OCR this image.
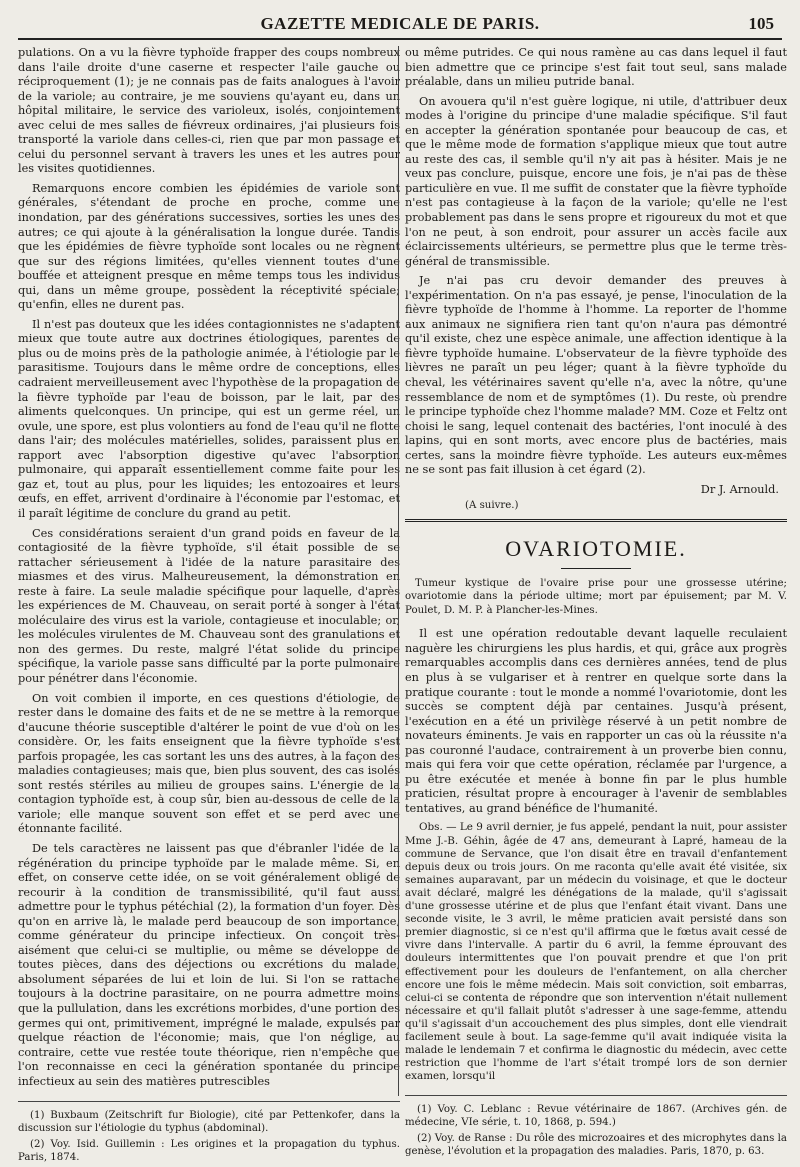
GAZETTE MEDICALE DE PARIS.	105

pulations. On a vu la fièvre typhoïde frapper des coups nombreux dans l'aile droite d'une caserne et respecter l'aile gauche ou réciproquement (1); je ne connais pas de faits analogues à l'avoir de la variole; au contraire, je me souviens qu'ayant eu, dans un hôpital militaire, le service des varioleux, isolés, conjointement avec celui de mes salles de fiévreux ordinaires, j'ai plusieurs fois transporté la variole dans celles-ci, rien que par mon passage et celui du personnel servant à travers les unes et les autres pour les visites quotidiennes.

Remarquons encore combien les épidémies de variole sont générales, s'étendant de proche en proche, comme une inondation, par des générations successives, sorties les unes des autres; ce qui ajoute à la généralisation la longue durée. Tandis que les épidémies de fièvre typhoïde sont locales ou ne règnent que sur des régions limitées, qu'elles viennent toutes d'une bouffée et atteignent presque en même temps tous les individus qui, dans un même groupe, possèdent la réceptivité spéciale; qu'enfin, elles ne durent pas.

Il n'est pas douteux que les idées contagionnistes ne s'adaptent mieux que toute autre aux doctrines étiologiques, parentes de plus ou de moins près de la pathologie animée, à l'étiologie par le parasitisme. Toujours dans le même ordre de conceptions, elles cadraient merveilleusement avec l'hypothèse de la propagation de la fièvre typhoïde par l'eau de boisson, par le lait, par des aliments quelconques. Un principe, qui est un germe réel, un ovule, une spore, est plus volontiers au fond de l'eau qu'il ne flotte dans l'air; des molécules matérielles, solides, paraissent plus en rapport avec l'absorption digestive qu'avec l'absorption pulmonaire, qui apparaît essentiellement comme faite pour les gaz et, tout au plus, pour les liquides; les entozoaires et leurs œufs, en effet, arrivent d'ordinaire à l'économie par l'estomac, et il paraît légitime de conclure du grand au petit.

Ces considérations seraient d'un grand poids en faveur de la contagiosité de la fièvre typhoïde, s'il était possible de se rattacher sérieusement à l'idée de la nature parasitaire des miasmes et des virus. Malheureusement, la démonstration en reste à faire. La seule maladie spécifique pour laquelle, d'après les expériences de M. Chauveau, on serait porté à songer à l'état moléculaire des virus est la variole, contagieuse et inoculable; or, les molécules virulentes de M. Chauveau sont des granulations et non des germes. Du reste, malgré l'état solide du principe spécifique, la variole passe sans difficulté par la porte pulmonaire pour pénétrer dans l'économie.

On voit combien il importe, en ces questions d'étiologie, de rester dans le domaine des faits et de ne se mettre à la remorque d'aucune théorie susceptible d'altérer le point de vue d'où on les considère. Or, les faits enseignent que la fièvre typhoïde s'est parfois propagée, les cas sortant les uns des autres, à la façon des maladies contagieuses; mais que, bien plus souvent, des cas isolés sont restés stériles au milieu de groupes sains. L'énergie de la contagion typhoïde est, à coup sûr, bien au-dessous de celle de la variole; elle manque souvent son effet et se perd avec une étonnante facilité.

De tels caractères ne laissent pas que d'ébranler l'idée de la régénération du principe typhoïde par le malade même. Si, en effet, on conserve cette idée, on se voit généralement obligé de recourir à la condition de transmissibilité, qu'il faut aussi admettre pour le typhus pétéchial (2), la formation d'un foyer. Dès qu'on en arrive là, le malade perd beaucoup de son importance, comme générateur du principe infectieux. On conçoit très-aisément que celui-ci se multiplie, ou même se développe de toutes pièces, dans des déjections ou excrétions du malade, absolument séparées de lui et loin de lui. Si l'on se rattache toujours à la doctrine parasitaire, on ne pourra admettre moins que la pullulation, dans les excrétions morbides, d'une portion des germes qui ont, primitivement, imprégné le malade, expulsés par quelque réaction de l'économie; mais, que l'on néglige, au contraire, cette vue restée toute théorique, rien n'empêche que l'on reconnaisse en ceci la génération spontanée du principe infectieux au sein des matières putrescibles

(1) Buxbaum (Zeitschrift fur Biologie), cité par Pettenkofer, dans la discussion sur l'étiologie du typhus (abdominal).

(2) Voy. Isid. Guillemin : Les origines et la propagation du typhus. Paris, 1874.

ou même putrides. Ce qui nous ramène au cas dans lequel il faut bien admettre que ce principe s'est fait tout seul, sans malade préalable, dans un milieu putride banal.

On avouera qu'il n'est guère logique, ni utile, d'attribuer deux modes à l'origine du principe d'une maladie spécifique. S'il faut en accepter la génération spontanée pour beaucoup de cas, et que le même mode de formation s'applique mieux que tout autre au reste des cas, il semble qu'il n'y ait pas à hésiter. Mais je ne veux pas conclure, puisque, encore une fois, je n'ai pas de thèse particulière en vue. Il me suffit de constater que la fièvre typhoïde n'est pas contagieuse à la façon de la variole; qu'elle ne l'est probablement pas dans le sens propre et rigoureux du mot et que l'on ne peut, à son endroit, pour assurer un accès facile aux éclaircissements ultérieurs, se permettre plus que le terme très-général de transmissible.

Je n'ai pas cru devoir demander des preuves à l'expérimentation. On n'a pas essayé, je pense, l'inoculation de la fièvre typhoïde de l'homme à l'homme. La reporter de l'homme aux animaux ne signifiera rien tant qu'on n'aura pas démontré qu'il existe, chez une espèce animale, une affection identique à la fièvre typhoïde humaine. L'observateur de la fièvre typhoïde des lièvres ne paraît un peu léger; quant à la fièvre typhoïde du cheval, les vétérinaires savent qu'elle n'a, avec la nôtre, qu'une ressemblance de nom et de symptômes (1). Du reste, où prendre le principe typhoïde chez l'homme malade? MM. Coze et Feltz ont choisi le sang, lequel contenait des bactéries, l'ont inoculé à des lapins, qui en sont morts, avec encore plus de bactéries, mais certes, sans la moindre fièvre typhoïde. Les auteurs eux-mêmes ne se sont pas fait illusion à cet égard (2).

Dr J. Arnould.
(A suivre.)
OVARIOTOMIE.

Tumeur kystique de l'ovaire prise pour une grossesse utérine; ovariotomie dans la période ultime; mort par épuisement; par M. V. Poulet, D. M. P. à Plancher-les-Mines.

Il est une opération redoutable devant laquelle reculaient naguère les chirurgiens les plus hardis, et qui, grâce aux progrès remarquables accomplis dans ces dernières années, tend de plus en plus à se vulgariser et à rentrer en quelque sorte dans la pratique courante : tout le monde a nommé l'ovariotomie, dont les succès se comptent déjà par centaines. Jusqu'à présent, l'exécution en a été un privilège réservé à un petit nombre de novateurs éminents. Je vais en rapporter un cas où la réussite n'a pas couronné l'audace, contrairement à un proverbe bien connu, mais qui fera voir que cette opération, réclamée par l'urgence, a pu être exécutée et menée à bonne fin par le plus humble praticien, résultat propre à encourager à l'avenir de semblables tentatives, au grand bénéfice de l'humanité.

Obs. — Le 9 avril dernier, je fus appelé, pendant la nuit, pour assister Mme J.-B. Géhin, âgée de 47 ans, demeurant à Lapré, hameau de la commune de Servance, que l'on disait être en travail d'enfantement depuis deux ou trois jours. On me raconta qu'elle avait été visitée, six semaines auparavant, par un médecin du voisinage, et que le docteur avait déclaré, malgré les dénégations de la malade, qu'il s'agissait d'une grossesse utérine et de plus que l'enfant était vivant. Dans une seconde visite, le 3 avril, le même praticien avait persisté dans son premier diagnostic, si ce n'est qu'il affirma que le fœtus avait cessé de vivre dans l'intervalle. A partir du 6 avril, la femme éprouvant des douleurs intermittentes que l'on pouvait prendre et que l'on prit effectivement pour les douleurs de l'enfantement, on alla chercher encore une fois le même médecin. Mais soit conviction, soit embarras, celui-ci se contenta de répondre que son intervention n'était nullement nécessaire et qu'il fallait plutôt s'adresser à une sage-femme, attendu qu'il s'agissait d'un accouchement des plus simples, dont elle viendrait facilement seule à bout. La sage-femme qu'il avait indiquée visita la malade le lendemain 7 et confirma le diagnostic du médecin, avec cette restriction que l'homme de l'art s'était trompé lors de son dernier examen, lorsqu'il

(1) Voy. C. Leblanc : Revue vétérinaire de 1867. (Archives gén. de médecine, VIe série, t. 10, 1868, p. 594.)

(2) Voy. de Ranse : Du rôle des microzoaires et des microphytes dans la genèse, l'évolution et la propagation des maladies. Paris, 1870, p. 63.
